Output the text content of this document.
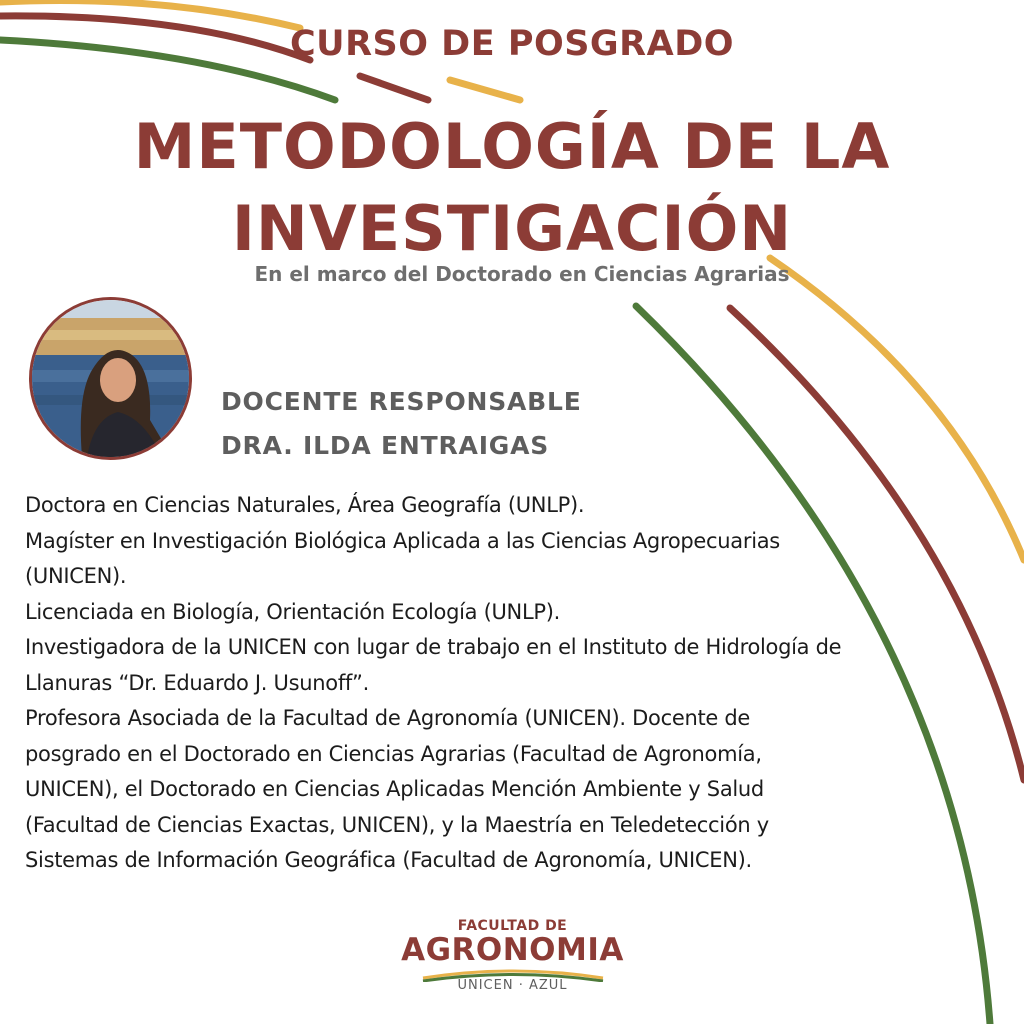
CURSO DE POSGRADO
METODOLOGÍA DE LA
INVESTIGACIÓN
En el marco del Doctorado en Ciencias Agrarias
DOCENTE RESPONSABLE
DRA. ILDA ENTRAIGAS

Doctora en Ciencias Naturales, Área Geografía (UNLP).

Magíster en Investigación Biológica Aplicada a las Ciencias Agropecuarias (UNICEN).

Licenciada en Biología, Orientación Ecología (UNLP).

Investigadora de la UNICEN con lugar de trabajo en el Instituto de Hidrología de Llanuras “Dr. Eduardo J. Usunoff”.

Profesora Asociada de la Facultad de Agronomía (UNICEN). Docente de posgrado en el Doctorado en Ciencias Agrarias (Facultad de Agronomía, UNICEN), el Doctorado en Ciencias Aplicadas Mención Ambiente y Salud (Facultad de Ciencias Exactas, UNICEN), y la Maestría en Teledetección y Sistemas de Información Geográfica (Facultad de Agronomía, UNICEN).

FACULTAD DE
AGRONOMIA
UNICEN · AZUL
